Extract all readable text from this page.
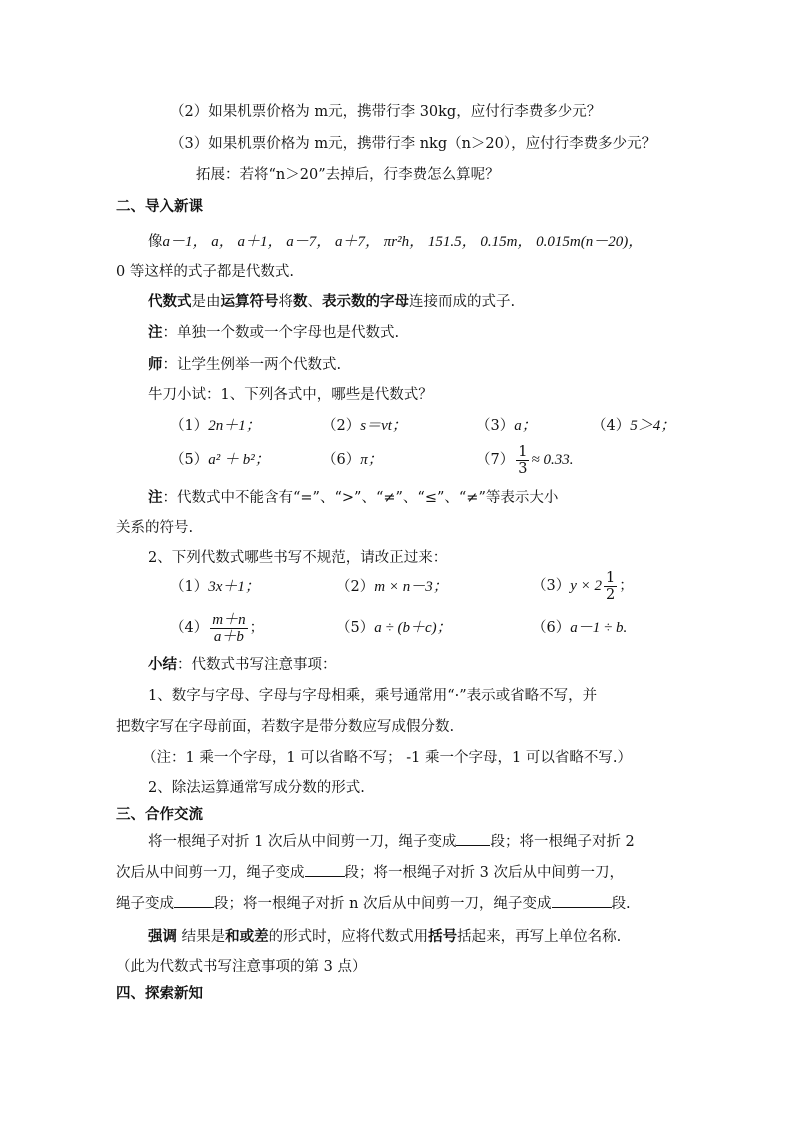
（2）如果机票价格为 m元，携带行李 30kg，应付行李费多少元？
（3）如果机票价格为 m元，携带行李 nkg（n＞20），应付行李费多少元？
拓展：若将“n＞20”去掉后，行李费怎么算呢？
二、导入新课
像a－1， a， a＋1， a－7， a＋7， πr²h， 151.5， 0.15m， 0.015m(n－20)，
0 等这样的式子都是代数式.
代数式是由运算符号将数、表示数的字母连接而成的式子.
注：单独一个数或一个字母也是代数式.
师：让学生例举一两个代数式.
牛刀小试：1、下列各式中，哪些是代数式？
（1）2n＋1；	（2）s＝vt；	（3）a；	（4）5＞4；
（5）a² ＋ b²；	（6）π；	$(7) \frac{1}{3} \approx 0.33$.
注：代数式中不能含有“=”、“>”、“≠”、“≤”、“≠”等表示大小
关系的符号.
2、下列代数式哪些书写不规范，请改正过来：
（1）3x＋1；	（2）m × n－3；	$(3)y \times 2 \frac{1}{2}$ ；
$(4) \frac{m+n}{a+b}$ ；	（5）a ÷ (b＋c)；	（6）a－1 ÷ b.
小结：代数式书写注意事项：
1、数字与字母、字母与字母相乘，乘号通常用“·”表示或省略不写，并
把数字写在字母前面，若数字是带分数应写成假分数.
（注：1 乘一个字母，1 可以省略不写； -1 乘一个字母，1 可以省略不写.）
2、除法运算通常写成分数的形式.
三、合作交流
将一根绳子对折 1 次后从中间剪一刀，绳子变成 段；将一根绳子对折 2
次后从中间剪一刀，绳子变成	段；将一根绳子对折 3 次后从中间剪一刀，
绳子变成	段；将一根绳子对折 n 次后从中间剪一刀，绳子变成	段.
强调 结果是和或差的形式时，应将代数式用括号括起来，再写上单位名称.
（此为代数式书写注意事项的第 3 点）
四、探索新知
